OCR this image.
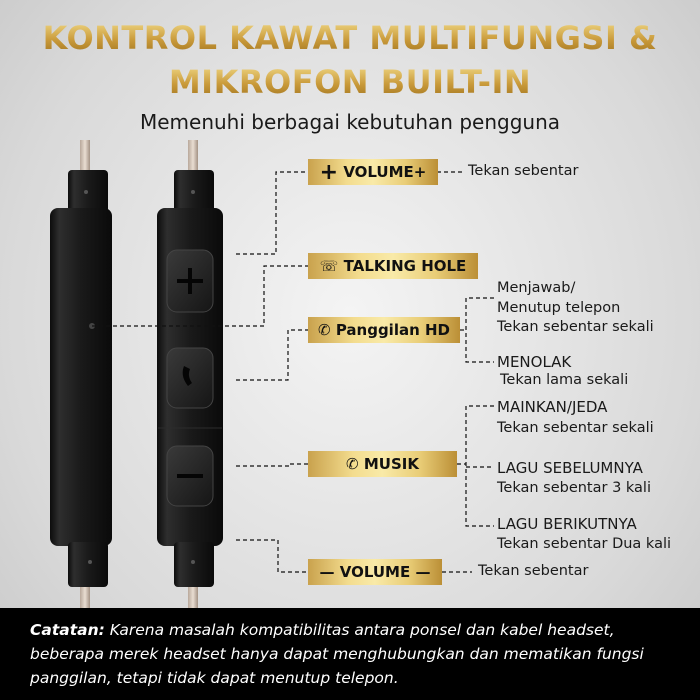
KONTROL KAWAT MULTIFUNGSI &
MIKROFON BUILT-IN
Memenuhi berbagai kebutuhan pengguna
+ VOLUME+
☏ TALKING HOLE
✆ Panggilan HD
✆ MUSIK
— VOLUME —
Tekan sebentar
Menjawab/
Menutup telepon
Tekan sebentar sekali
MENOLAK
Tekan lama sekali
MAINKAN/JEDA
Tekan sebentar sekali
LAGU SEBELUMNYA
Tekan sebentar 3 kali
LAGU BERIKUTNYA
Tekan sebentar Dua kali
Tekan sebentar

Catatan: Karena masalah kompatibilitas antara ponsel dan kabel headset, beberapa merek headset hanya dapat menghubungkan dan mematikan fungsi panggilan, tetapi tidak dapat menutup telepon.
